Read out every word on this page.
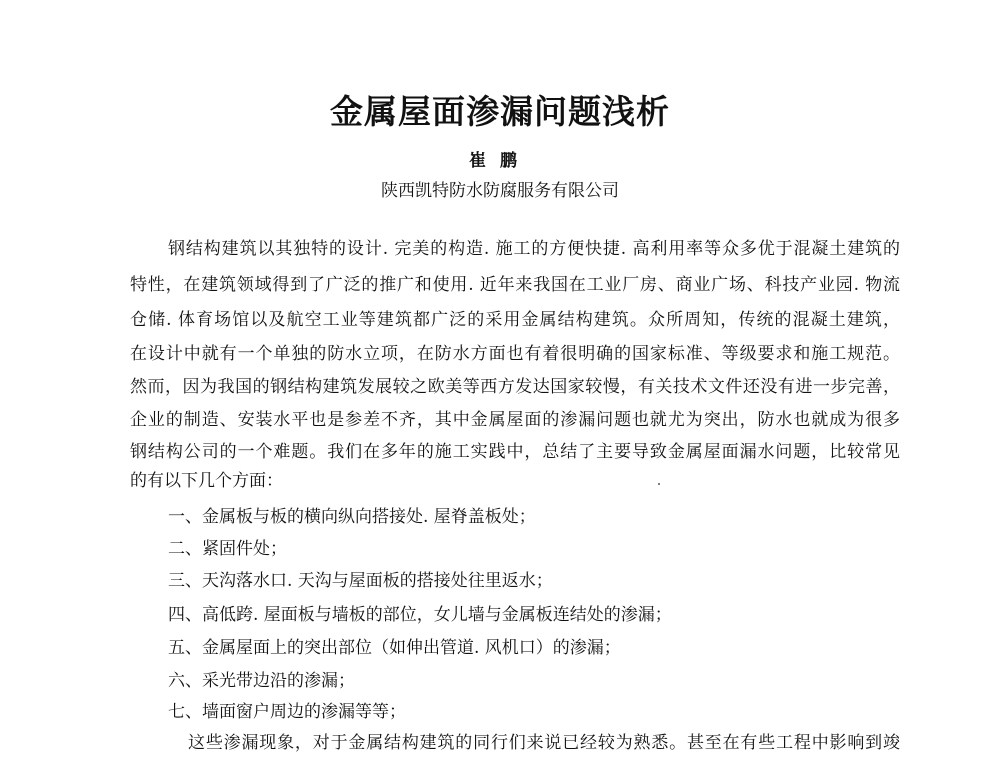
金属屋面渗漏问题浅析
崔鹏
陕西凯特防水防腐服务有限公司
钢结构建筑以其独特的设计. 完美的构造. 施工的方便快捷. 高利用率等众多优于混凝土建筑的
特性，在建筑领域得到了广泛的推广和使用. 近年来我国在工业厂房、商业广场、科技产业园. 物流
仓储. 体育场馆以及航空工业等建筑都广泛的采用金属结构建筑。众所周知，传统的混凝土建筑，
在设计中就有一个单独的防水立项，在防水方面也有着很明确的国家标准、等级要求和施工规范。
然而，因为我国的钢结构建筑发展较之欧美等西方发达国家较慢，有关技术文件还没有进一步完善，
企业的制造、安装水平也是参差不齐，其中金属屋面的渗漏问题也就尤为突出，防水也就成为很多
钢结构公司的一个难题。我们在多年的施工实践中，总结了主要导致金属屋面漏水问题，比较常见
的有以下几个方面：
一、金属板与板的横向纵向搭接处. 屋脊盖板处；
二、紧固件处；
三、天沟落水口. 天沟与屋面板的搭接处往里返水；
四、高低跨. 屋面板与墙板的部位，女儿墙与金属板连结处的渗漏；
五、金属屋面上的突出部位（如伸出管道. 风机口）的渗漏；
六、采光带边沿的渗漏；
七、墙面窗户周边的渗漏等等；
这些渗漏现象，对于金属结构建筑的同行们来说已经较为熟悉。甚至在有些工程中影响到竣
